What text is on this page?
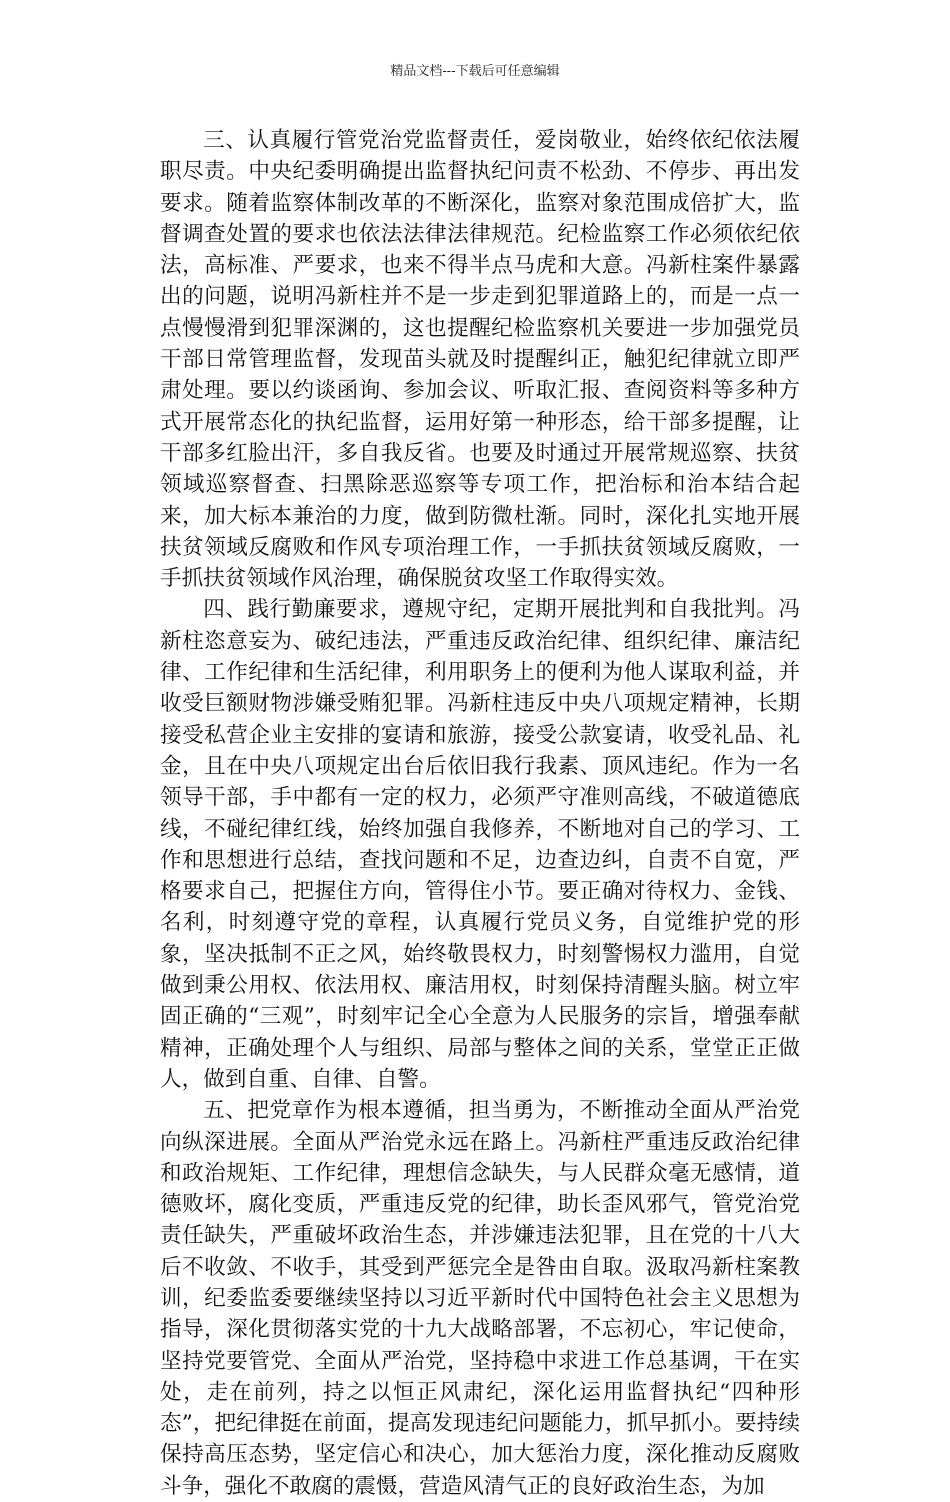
精品文档---下载后可任意编辑

三、认真履行管党治党监督责任，爱岗敬业，始终依纪依法履职尽责。中央纪委明确提出监督执纪问责不松劲、不停步、再出发要求。随着监察体制改革的不断深化，监察对象范围成倍扩大，监督调查处置的要求也依法法律法律规范。纪检监察工作必须依纪依法，高标准、严要求，也来不得半点马虎和大意。冯新柱案件暴露出的问题，说明冯新柱并不是一步走到犯罪道路上的，而是一点一点慢慢滑到犯罪深渊的，这也提醒纪检监察机关要进一步加强党员干部日常管理监督，发现苗头就及时提醒纠正，触犯纪律就立即严肃处理。要以约谈函询、参加会议、听取汇报、查阅资料等多种方式开展常态化的执纪监督，运用好第一种形态，给干部多提醒，让干部多红脸出汗，多自我反省。也要及时通过开展常规巡察、扶贫领域巡察督查、扫黑除恶巡察等专项工作，把治标和治本结合起来，加大标本兼治的力度，做到防微杜渐。同时，深化扎实地开展扶贫领域反腐败和作风专项治理工作，一手抓扶贫领域反腐败，一手抓扶贫领域作风治理，确保脱贫攻坚工作取得实效。

四、践行勤廉要求，遵规守纪，定期开展批判和自我批判。冯新柱恣意妄为、破纪违法，严重违反政治纪律、组织纪律、廉洁纪律、工作纪律和生活纪律，利用职务上的便利为他人谋取利益，并收受巨额财物涉嫌受贿犯罪。冯新柱违反中央八项规定精神，长期接受私营企业主安排的宴请和旅游，接受公款宴请，收受礼品、礼金，且在中央八项规定出台后依旧我行我素、顶风违纪。作为一名领导干部，手中都有一定的权力，必须严守准则高线，不破道德底线，不碰纪律红线，始终加强自我修养，不断地对自己的学习、工作和思想进行总结，查找问题和不足，边查边纠，自责不自宽，严格要求自己，把握住方向，管得住小节。要正确对待权力、金钱、名利，时刻遵守党的章程，认真履行党员义务，自觉维护党的形象，坚决抵制不正之风，始终敬畏权力，时刻警惕权力滥用，自觉做到秉公用权、依法用权、廉洁用权，时刻保持清醒头脑。树立牢固正确的“三观”，时刻牢记全心全意为人民服务的宗旨，增强奉献精神，正确处理个人与组织、局部与整体之间的关系，堂堂正正做人，做到自重、自律、自警。

五、把党章作为根本遵循，担当勇为，不断推动全面从严治党向纵深进展。全面从严治党永远在路上。冯新柱严重违反政治纪律和政治规矩、工作纪律，理想信念缺失，与人民群众毫无感情，道德败坏，腐化变质，严重违反党的纪律，助长歪风邪气，管党治党责任缺失，严重破坏政治生态，并涉嫌违法犯罪，且在党的十八大后不收敛、不收手，其受到严惩完全是咎由自取。汲取冯新柱案教训，纪委监委要继续坚持以习近平新时代中国特色社会主义思想为指导，深化贯彻落实党的十九大战略部署，不忘初心，牢记使命，坚持党要管党、全面从严治党，坚持稳中求进工作总基调，干在实处，走在前列，持之以恒正风肃纪，深化运用监督执纪“四种形态”，把纪律挺在前面，提高发现违纪问题能力，抓早抓小。要持续保持高压态势，坚定信心和决心，加大惩治力度，深化推动反腐败斗争，强化不敢腐的震慑，营造风清气正的良好政治生态，为加
